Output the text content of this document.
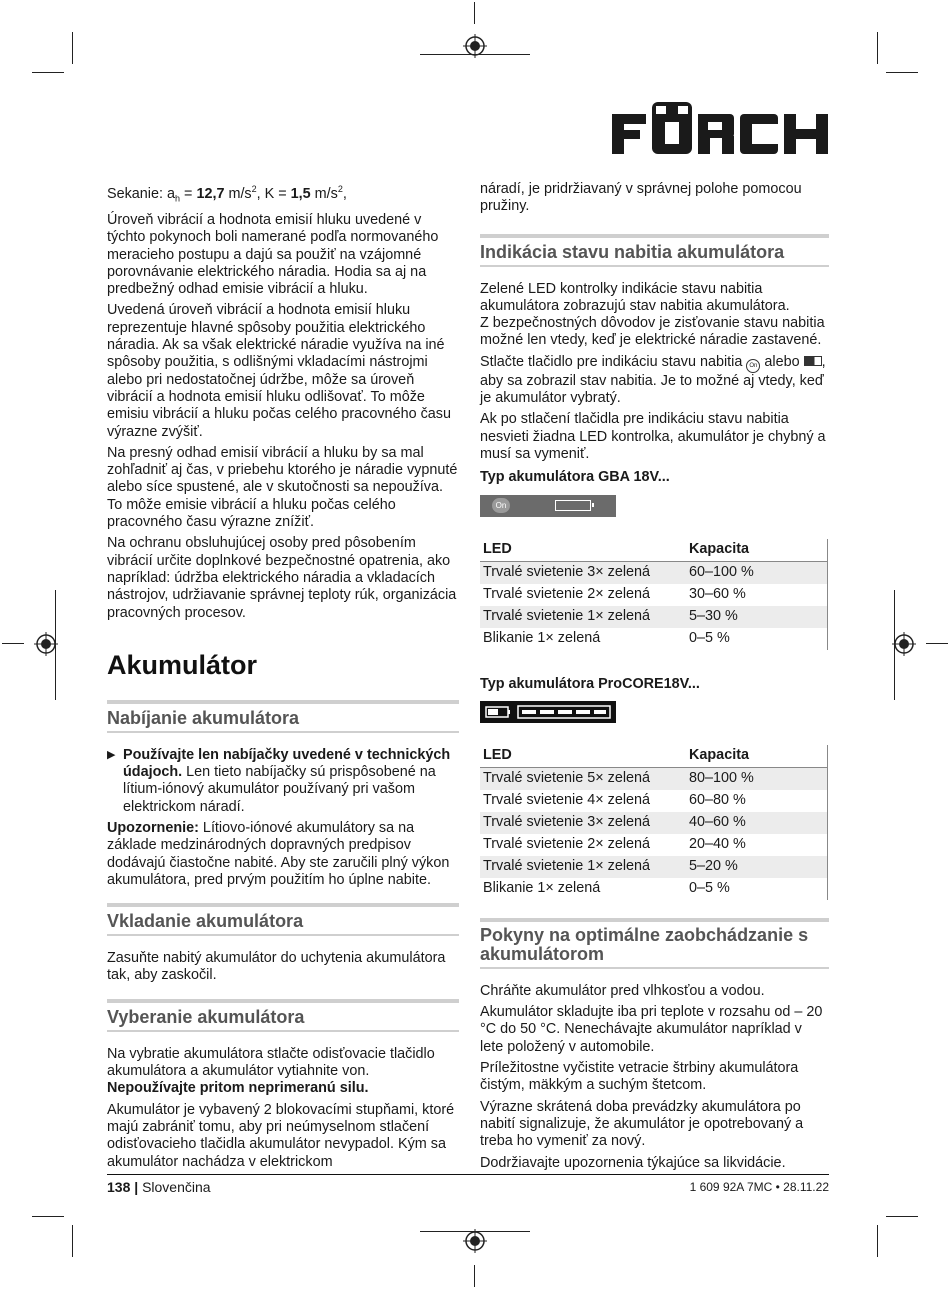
Sekanie: $a_h = 12,7$ $m/s^2$, K = 1,5 $m/s^2$,

Úroveň vibrácií a hodnota emisií hluku uvedené v týchto pokynoch boli namerané podľa normovaného meracieho postupu a dajú sa použiť na vzájomné porovnávanie elektrického náradia. Hodia sa aj na predbežný odhad emisie vibrácií a hluku.

Uvedená úroveň vibrácií a hodnota emisií hluku reprezentuje hlavné spôsoby použitia elektrického náradia. Ak sa však elektrické náradie využíva na iné spôsoby použitia, s odlišnými vkladacími nástrojmi alebo pri nedostatočnej údržbe, môže sa úroveň vibrácií a hodnota emisií hluku odlišovať. To môže emisiu vibrácií a hluku počas celého pracovného času výrazne zvýšiť.

Na presný odhad emisií vibrácií a hluku by sa mal zohľadniť aj čas, v priebehu ktorého je náradie vypnuté alebo síce spustené, ale v skutočnosti sa nepoužíva. To môže emisie vibrácií a hluku počas celého pracovného času výrazne znížiť.

Na ochranu obsluhujúcej osoby pred pôsobením vibrácií určite doplnkové bezpečnostné opatrenia, ako napríklad: údržba elektrického náradia a vkladacích nástrojov, udržiavanie správnej teploty rúk, organizácia pracovných procesov.

Akumulátor
Nabíjanie akumulátora
▶ Používajte len nabíjačky uvedené v technických údajoch. Len tieto nabíjačky sú prispôsobené na lítium-iónový akumulátor používaný pri vašom elektrickom náradí.

Upozornenie: Lítiovo-iónové akumulátory sa na základe medzinárodných dopravných predpisov dodávajú čiastočne nabité. Aby ste zaručili plný výkon akumulátora, pred prvým použitím ho úplne nabite.

Vkladanie akumulátora

Zasuňte nabitý akumulátor do uchytenia akumulátora tak, aby zaskočil.

Vyberanie akumulátora

Na vybratie akumulátora stlačte odisťovacie tlačidlo akumulátora a akumulátor vytiahnite von. Nepoužívajte pritom neprimeranú silu.

Akumulátor je vybavený 2 blokovacími stupňami, ktoré majú zabrániť tomu, aby pri neúmyselnom stlačení odisťovacieho tlačidla akumulátor nevypadol. Kým sa akumulátor nachádza v elektrickom

náradí, je pridržiavaný v správnej polohe pomocou pružiny.

Indikácia stavu nabitia akumulátora

Zelené LED kontrolky indikácie stavu nabitia akumulátora zobrazujú stav nabitia akumulátora.

Z bezpečnostných dôvodov je zisťovanie stavu nabitia možné len vtedy, keď je elektrické náradie zastavené.

Stlačte tlačidlo pre indikáciu stavu nabitia On alebo , aby sa zobrazil stav nabitia. Je to možné aj vtedy, keď je akumulátor vybratý.

Ak po stlačení tlačidla pre indikáciu stavu nabitia nesvieti žiadna LED kontrolka, akumulátor je chybný a musí sa vymeniť.

Typ akumulátora GBA 18V...
On
LED	Kapacita
Trvalé svietenie 3× zelená	60–100 %
Trvalé svietenie 2× zelená	30–60 %
Trvalé svietenie 1× zelená	5–30 %
Blikanie 1× zelená	0–5 %
Typ akumulátora ProCORE18V...
LED	Kapacita
Trvalé svietenie 5× zelená	80–100 %
Trvalé svietenie 4× zelená	60–80 %
Trvalé svietenie 3× zelená	40–60 %
Trvalé svietenie 2× zelená	20–40 %
Trvalé svietenie 1× zelená	5–20 %
Blikanie 1× zelená	0–5 %
Pokyny na optimálne zaobchádzanie s akumulátorom

Chráňte akumulátor pred vlhkosťou a vodou.

Akumulátor skladujte iba pri teplote v rozsahu od – 20 °C do 50 °C. Nenechávajte akumulátor napríklad v lete položený v automobile.

Príležitostne vyčistite vetracie štrbiny akumulátora čistým, mäkkým a suchým štetcom.

Výrazne skrátená doba prevádzky akumulátora po nabití signalizuje, že akumulátor je opotrebovaný a treba ho vymeniť za nový.

Dodržiavajte upozornenia týkajúce sa likvidácie.

138 | Slovenčina	1 609 92A 7MC • 28.11.22
